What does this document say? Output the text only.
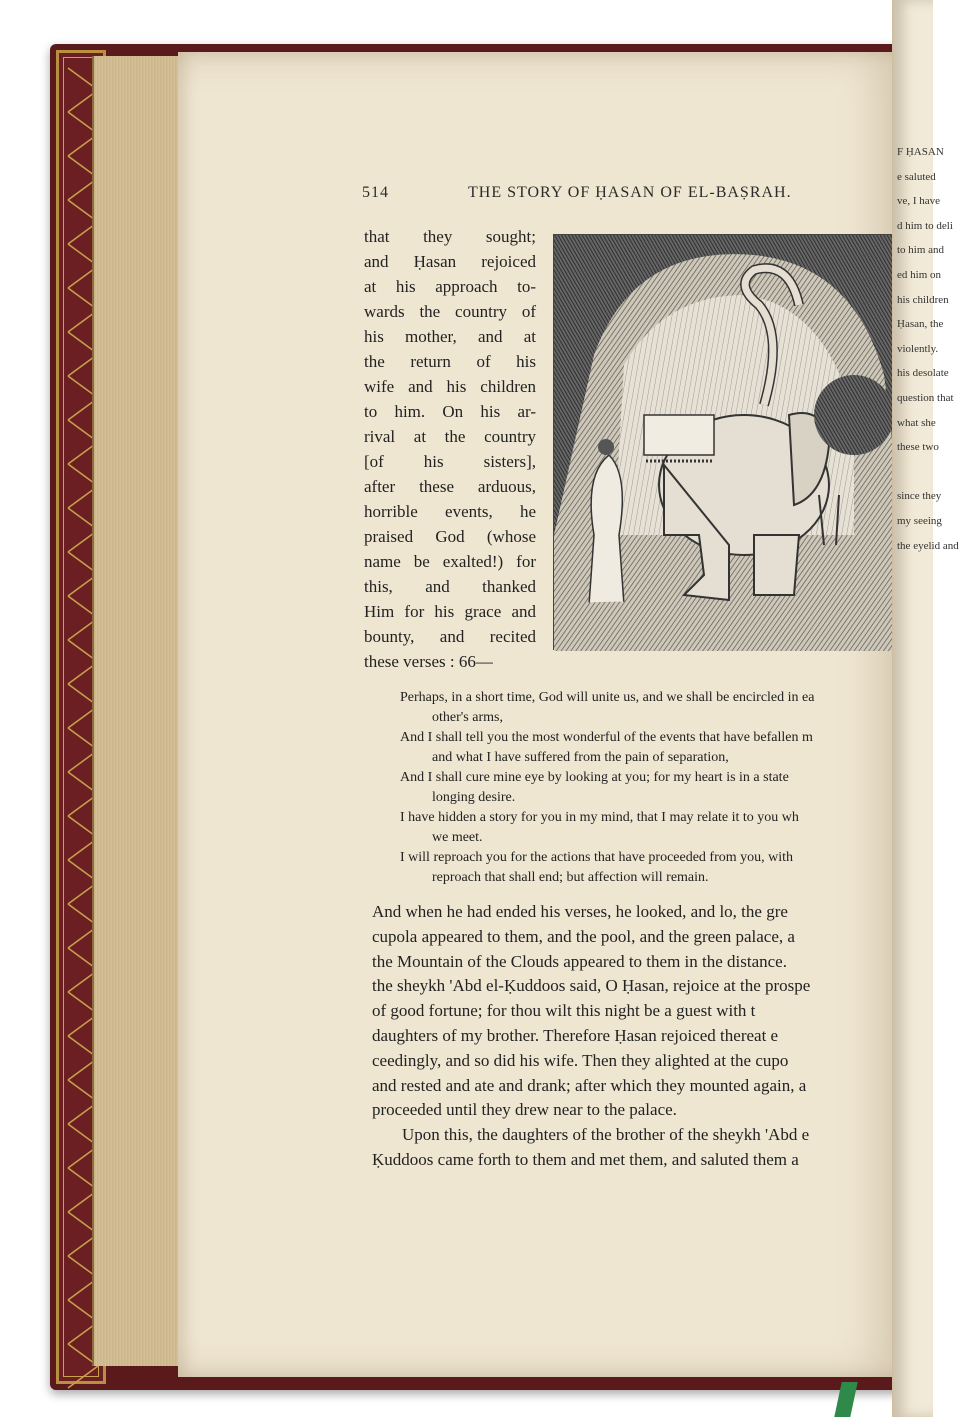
514	THE STORY OF ḤASAN OF EL-BAṢRAH.
that they sought;
and Ḥasan rejoiced
at his approach to-
wards the country of
his mother, and at
the return of his
wife and his children
to him. On his ar-
rival at the country
[of his sisters],
after these arduous,
horrible events, he
praised God (whose
name be exalted!) for
this, and thanked
Him for his grace and
bounty, and recited
these verses : 66—
Perhaps, in a short time, God will unite us, and we shall be encircled in ea
other's arms,
And I shall tell you the most wonderful of the events that have befallen m
and what I have suffered from the pain of separation,
And I shall cure mine eye by looking at you; for my heart is in a state
longing desire.
I have hidden a story for you in my mind, that I may relate it to you wh
we meet.
I will reproach you for the actions that have proceeded from you, with
reproach that shall end; but affection will remain.
And when he had ended his verses, he looked, and lo, the gre
cupola appeared to them, and the pool, and the green palace, a
the Mountain of the Clouds appeared to them in the distance.
the sheykh 'Abd el-Ḳuddoos said, O Ḥasan, rejoice at the prospe
of good fortune; for thou wilt this night be a guest with t
daughters of my brother. Therefore Ḥasan rejoiced thereat e
ceedingly, and so did his wife. Then they alighted at the cupo
and rested and ate and drank; after which they mounted again, a
proceeded until they drew near to the palace.
Upon this, the daughters of the brother of the sheykh 'Abd e
Ḳuddoos came forth to them and met them, and saluted them a
F ḤASAN
e saluted
ve, I have
d him to deli
to him and
ed him on
his children
Ḥasan, the
violently.
his desolate
question that
what she
these two

since they
my seeing
the eyelid and
